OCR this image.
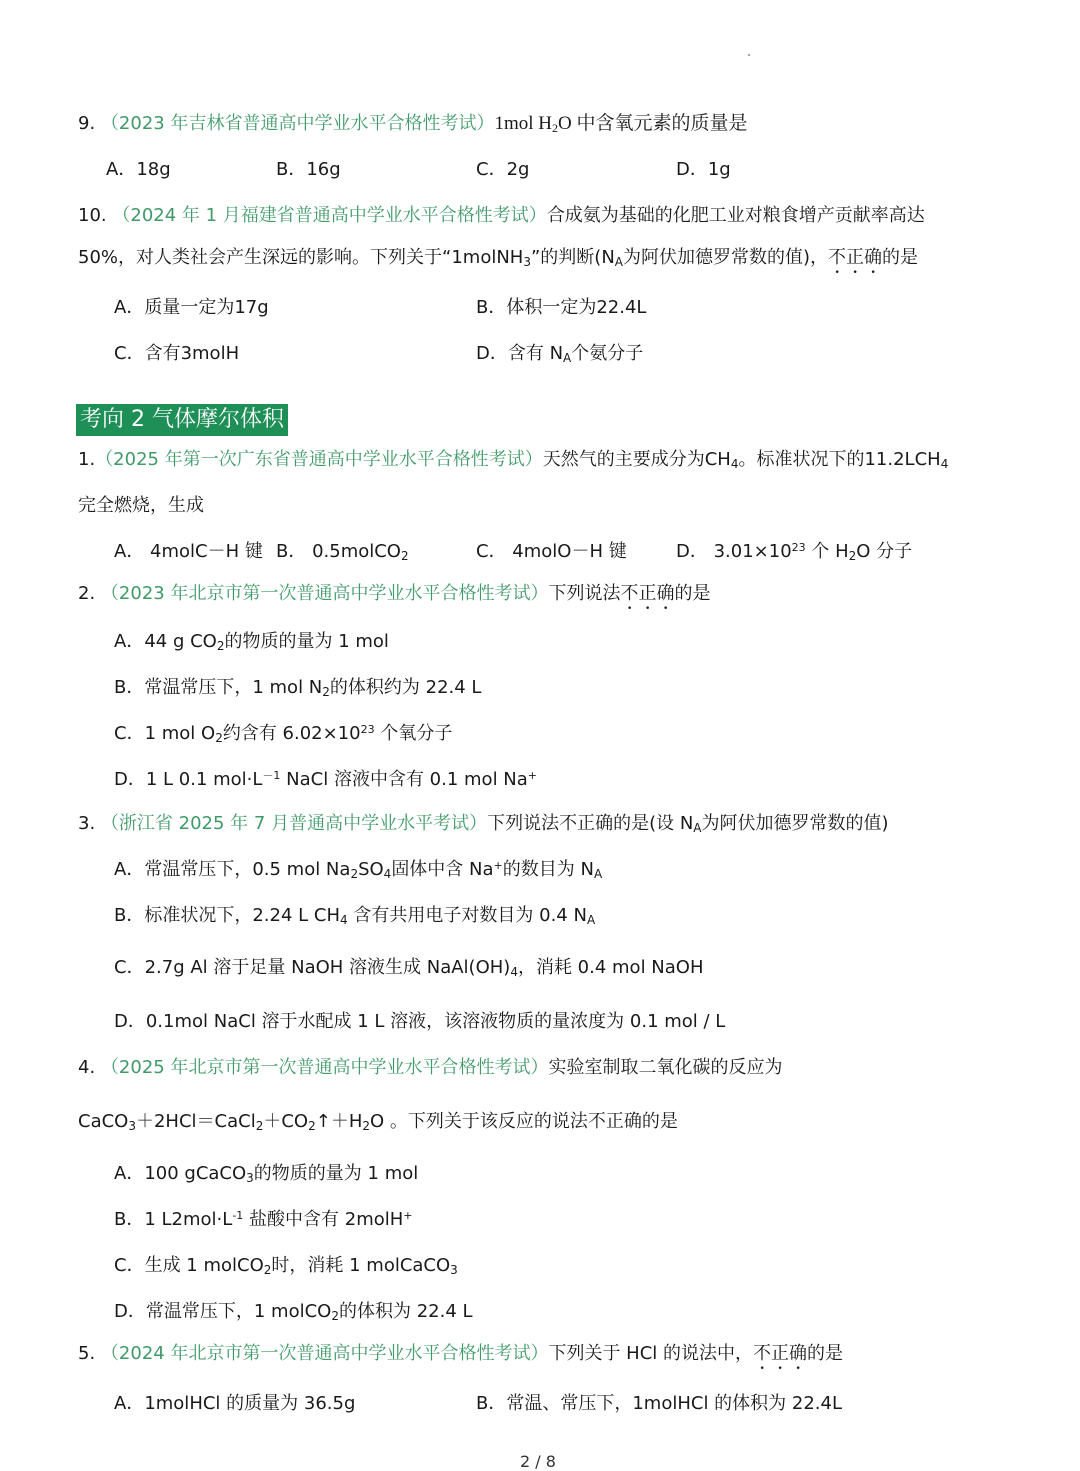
9. （2023 年吉林省普通高中学业水平合格性考试）1mol $H_2O$ 中含氧元素的质量是
A．18g	B．16g	C．2g	D．1g
10. （2024 年 1 月福建省普通高中学业水平合格性考试）合成氨为基础的化肥工业对粮食增产贡献率高达
50%，对人类社会产生深远的影响。下列关于“1molNH$_3$”的判断($N_A$为阿伏加德罗常数的值)，不正确的是
A．质量一定为17g	B．体积一定为22.4L
C．含有3molH	D．含有 $N_A$个氨分子
考向 2 气体摩尔体积
1.（2025 年第一次广东省普通高中学业水平合格性考试）天然气的主要成分为$CH_4$。标准状况下的$11.2LCH_4$
完全燃烧，生成
A． 4molC－H 键 B． 0.5molCO$_2$	C． 4molO－H 键	D． $3.01\times 10^{23}$ 个 $H_2O$ 分子
2. （2023 年北京市第一次普通高中学业水平合格性考试）下列说法不正确的是
A．44 g $CO_2$的物质的量为 1 mol
B．常温常压下，1 mol $N_2$的体积约为 22.4 L
C．1 mol $O_2$约含有 $6.02\times 10^{23}$ 个氧分子
D．1 L 0.1 $mol\cdot L^{-1}$ NaCl 溶液中含有 0.1 mol Na+
3. （浙江省 2025 年 7 月普通高中学业水平考试）下列说法不正确的是(设 $N_A$为阿伏加德罗常数的值)
A．常温常压下，0.5 mol $Na_2SO_4$固体中含 Na+的数目为 $N_A$
B．标准状况下，2.24 L $CH_4$ 含有共用电子对数目为 0.4 $N_A$
C．2.7g Al 溶于足量 NaOH 溶液生成 $NaAl(OH)_4$，消耗 0.4 mol NaOH
D．0.1mol NaCl 溶于水配成 1 L 溶液，该溶液物质的量浓度为 0.1 mol / L
4. （2025 年北京市第一次普通高中学业水平合格性考试）实验室制取二氧化碳的反应为
$CaCO_3+2HCl=CaCl_2+CO_2↑+H_2O$ 。下列关于该反应的说法不正确的是
A．100 gCaCO$_3$的物质的量为 1 mol
B．1 $L2mol\cdot L^{-1}$ 盐酸中含有 2molH+
C．生成 1 molCO$_2$时，消耗 1 molCaCO$_3$
D．常温常压下，1 molCO$_2$的体积为 22.4 L
5. （2024 年北京市第一次普通高中学业水平合格性考试）下列关于 HCl 的说法中，不正确的是
A．1molHCl 的质量为 36.5g	B．常温、常压下，1molHCl 的体积为 22.4L
2 / 8
